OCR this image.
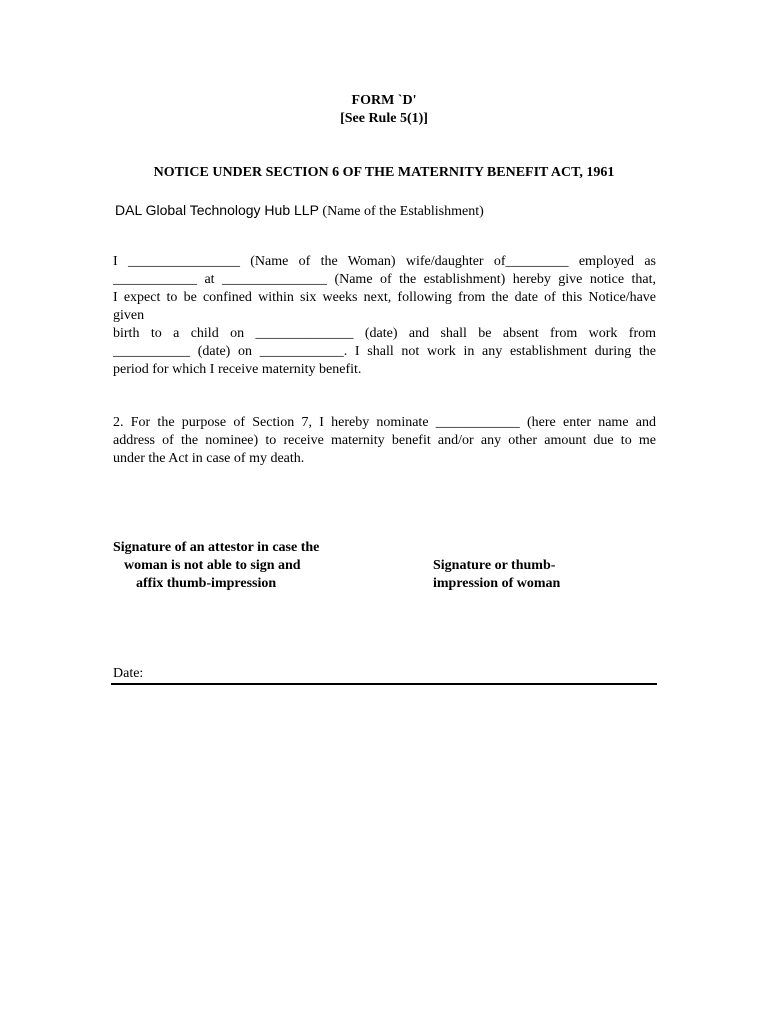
FORM `D'
[See Rule 5(1)]
NOTICE UNDER SECTION 6 OF THE MATERNITY BENEFIT ACT, 1961
DAL Global Technology Hub LLP (Name of the Establishment)
I ________________ (Name of the Woman) wife/daughter of_________ employed as
____________ at _______________ (Name of the establishment) hereby give notice that,
I expect to be confined within six weeks next, following from the date of this Notice/have
given
birth to a child on ______________ (date) and shall be absent from work from
___________ (date) on ____________. I shall not work in any establishment during the
period for which I receive maternity benefit.
2. For the purpose of Section 7, I hereby nominate ____________ (here enter name and
address of the nominee) to receive maternity benefit and/or any other amount due to me
under the Act in case of my death.
Signature of an attestor in case the
woman is not able to sign and
affix thumb-impression
Signature or thumb-
impression of woman
Date:
